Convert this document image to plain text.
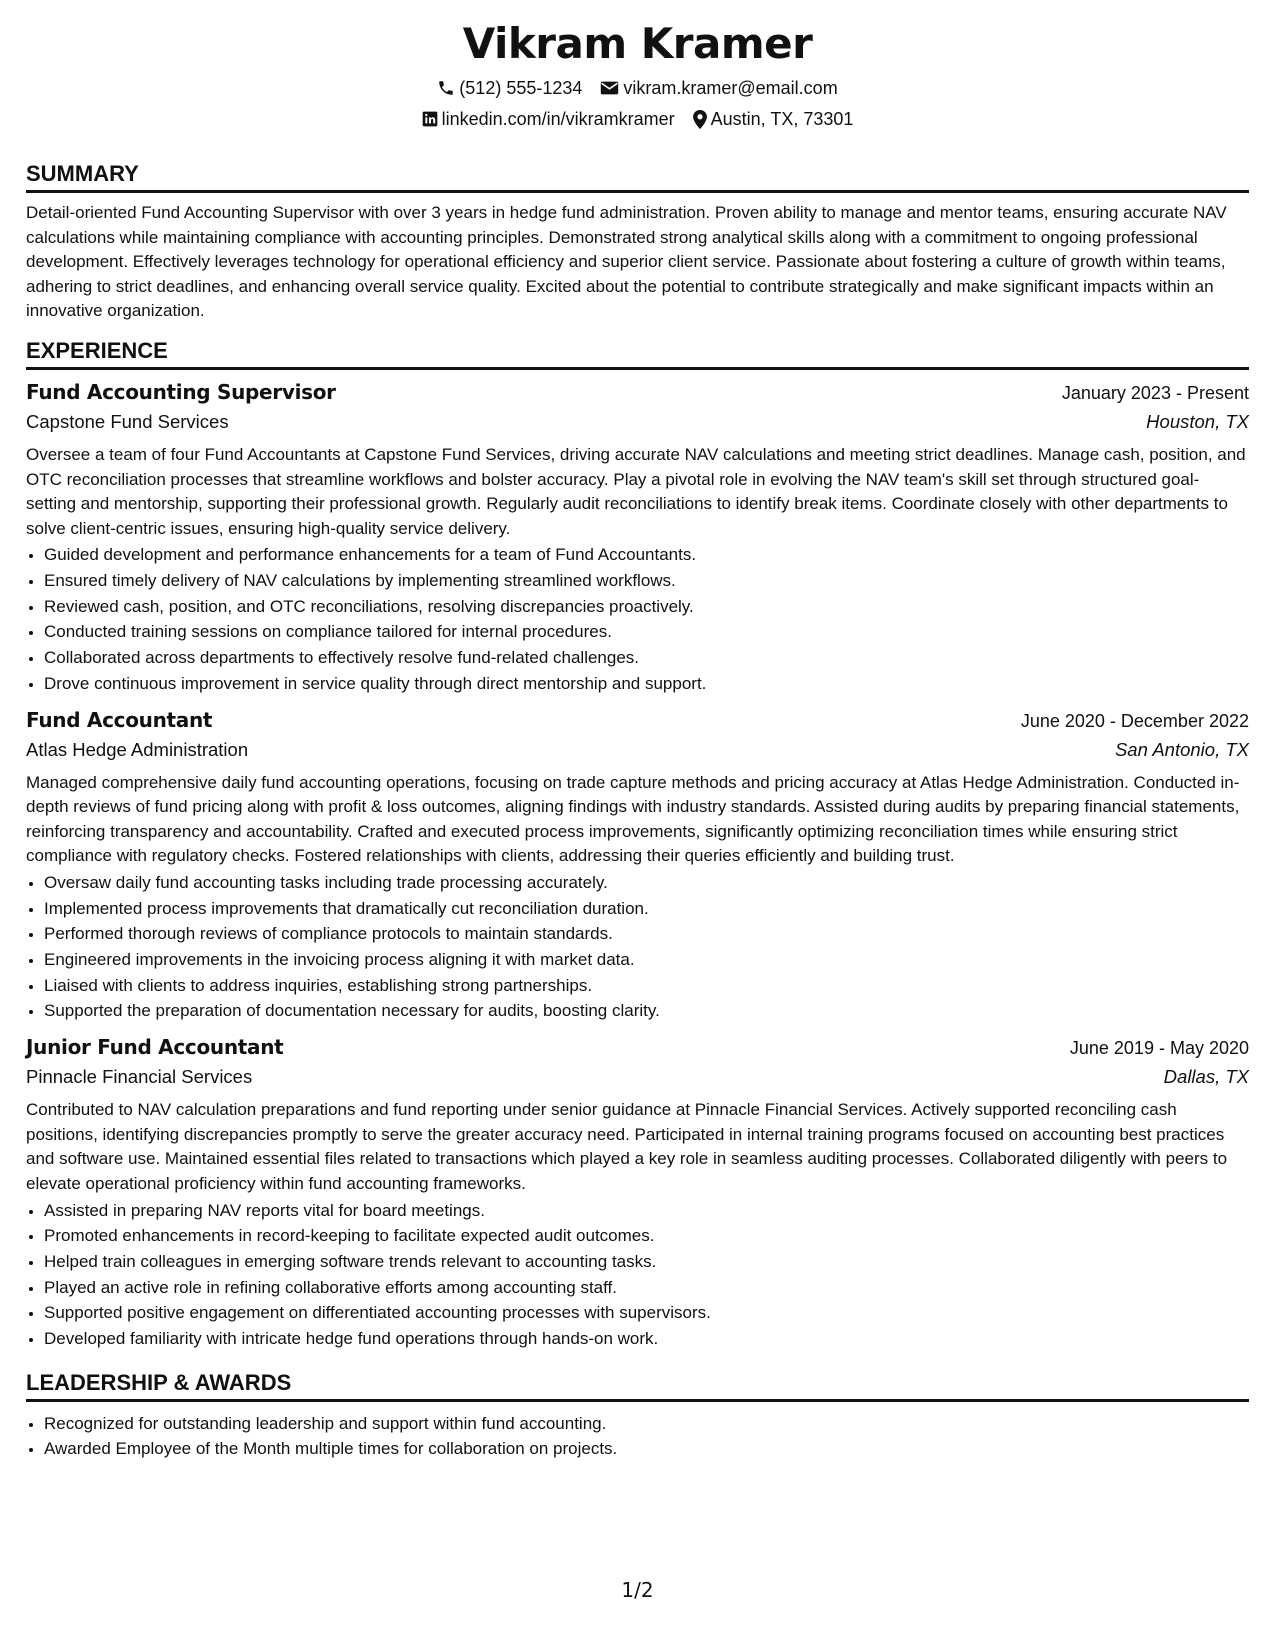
Vikram Kramer
(512) 555-1234 vikram.kramer@email.com
linkedin.com/in/vikramkramer Austin, TX, 73301
SUMMARY

Detail-oriented Fund Accounting Supervisor with over 3 years in hedge fund administration. Proven ability to manage and mentor teams, ensuring accurate NAV calculations while maintaining compliance with accounting principles. Demonstrated strong analytical skills along with a commitment to ongoing professional development. Effectively leverages technology for operational efficiency and superior client service. Passionate about fostering a culture of growth within teams, adhering to strict deadlines, and enhancing overall service quality. Excited about the potential to contribute strategically and make significant impacts within an innovative organization.

EXPERIENCE
Fund Accounting Supervisor	January 2023 - Present
Capstone Fund Services	Houston, TX

Oversee a team of four Fund Accountants at Capstone Fund Services, driving accurate NAV calculations and meeting strict deadlines. Manage cash, position, and OTC reconciliation processes that streamline workflows and bolster accuracy. Play a pivotal role in evolving the NAV team's skill set through structured goal-setting and mentorship, supporting their professional growth. Regularly audit reconciliations to identify break items. Coordinate closely with other departments to solve client-centric issues, ensuring high-quality service delivery.

• Guided development and performance enhancements for a team of Fund Accountants.
• Ensured timely delivery of NAV calculations by implementing streamlined workflows.
• Reviewed cash, position, and OTC reconciliations, resolving discrepancies proactively.
• Conducted training sessions on compliance tailored for internal procedures.
• Collaborated across departments to effectively resolve fund-related challenges.
• Drove continuous improvement in service quality through direct mentorship and support.
Fund Accountant	June 2020 - December 2022
Atlas Hedge Administration	San Antonio, TX

Managed comprehensive daily fund accounting operations, focusing on trade capture methods and pricing accuracy at Atlas Hedge Administration. Conducted in-depth reviews of fund pricing along with profit & loss outcomes, aligning findings with industry standards. Assisted during audits by preparing financial statements, reinforcing transparency and accountability. Crafted and executed process improvements, significantly optimizing reconciliation times while ensuring strict compliance with regulatory checks. Fostered relationships with clients, addressing their queries efficiently and building trust.

• Oversaw daily fund accounting tasks including trade processing accurately.
• Implemented process improvements that dramatically cut reconciliation duration.
• Performed thorough reviews of compliance protocols to maintain standards.
• Engineered improvements in the invoicing process aligning it with market data.
• Liaised with clients to address inquiries, establishing strong partnerships.
• Supported the preparation of documentation necessary for audits, boosting clarity.
Junior Fund Accountant	June 2019 - May 2020
Pinnacle Financial Services	Dallas, TX

Contributed to NAV calculation preparations and fund reporting under senior guidance at Pinnacle Financial Services. Actively supported reconciling cash positions, identifying discrepancies promptly to serve the greater accuracy need. Participated in internal training programs focused on accounting best practices and software use. Maintained essential files related to transactions which played a key role in seamless auditing processes. Collaborated diligently with peers to elevate operational proficiency within fund accounting frameworks.

• Assisted in preparing NAV reports vital for board meetings.
• Promoted enhancements in record-keeping to facilitate expected audit outcomes.
• Helped train colleagues in emerging software trends relevant to accounting tasks.
• Played an active role in refining collaborative efforts among accounting staff.
• Supported positive engagement on differentiated accounting processes with supervisors.
• Developed familiarity with intricate hedge fund operations through hands-on work.
LEADERSHIP & AWARDS
• Recognized for outstanding leadership and support within fund accounting.
• Awarded Employee of the Month multiple times for collaboration on projects.
1/2
